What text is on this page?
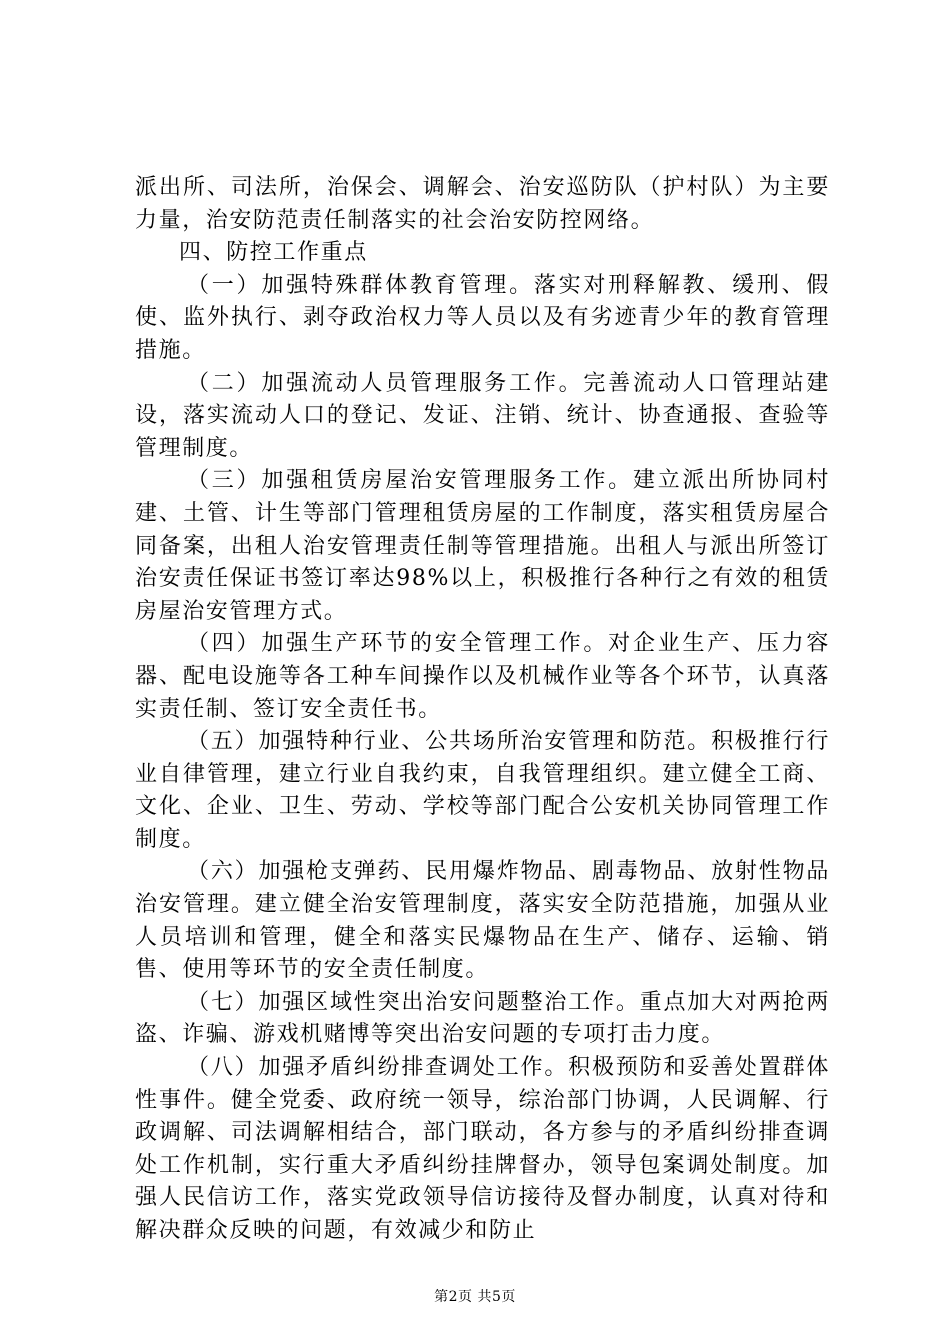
派出所、司法所，治保会、调解会、治安巡防队（护村队）为主要力量，治安防范责任制落实的社会治安防控网络。

四、防控工作重点

（一）加强特殊群体教育管理。落实对刑释解教、缓刑、假使、监外执行、剥夺政治权力等人员以及有劣迹青少年的教育管理措施。

（二）加强流动人员管理服务工作。完善流动人口管理站建设，落实流动人口的登记、发证、注销、统计、协查通报、查验等管理制度。

（三）加强租赁房屋治安管理服务工作。建立派出所协同村建、土管、计生等部门管理租赁房屋的工作制度，落实租赁房屋合同备案，出租人治安管理责任制等管理措施。出租人与派出所签订治安责任保证书签订率达98%以上，积极推行各种行之有效的租赁房屋治安管理方式。

（四）加强生产环节的安全管理工作。对企业生产、压力容器、配电设施等各工种车间操作以及机械作业等各个环节，认真落实责任制、签订安全责任书。

（五）加强特种行业、公共场所治安管理和防范。积极推行行业自律管理，建立行业自我约束，自我管理组织。建立健全工商、文化、企业、卫生、劳动、学校等部门配合公安机关协同管理工作制度。

（六）加强枪支弹药、民用爆炸物品、剧毒物品、放射性物品治安管理。建立健全治安管理制度，落实安全防范措施，加强从业人员培训和管理，健全和落实民爆物品在生产、储存、运输、销售、使用等环节的安全责任制度。

（七）加强区域性突出治安问题整治工作。重点加大对两抢两盗、诈骗、游戏机赌博等突出治安问题的专项打击力度。

（八）加强矛盾纠纷排查调处工作。积极预防和妥善处置群体性事件。健全党委、政府统一领导，综治部门协调，人民调解、行政调解、司法调解相结合，部门联动，各方参与的矛盾纠纷排查调处工作机制，实行重大矛盾纠纷挂牌督办，领导包案调处制度。加强人民信访工作，落实党政领导信访接待及督办制度，认真对待和解决群众反映的问题，有效减少和防止

第2页 共5页
